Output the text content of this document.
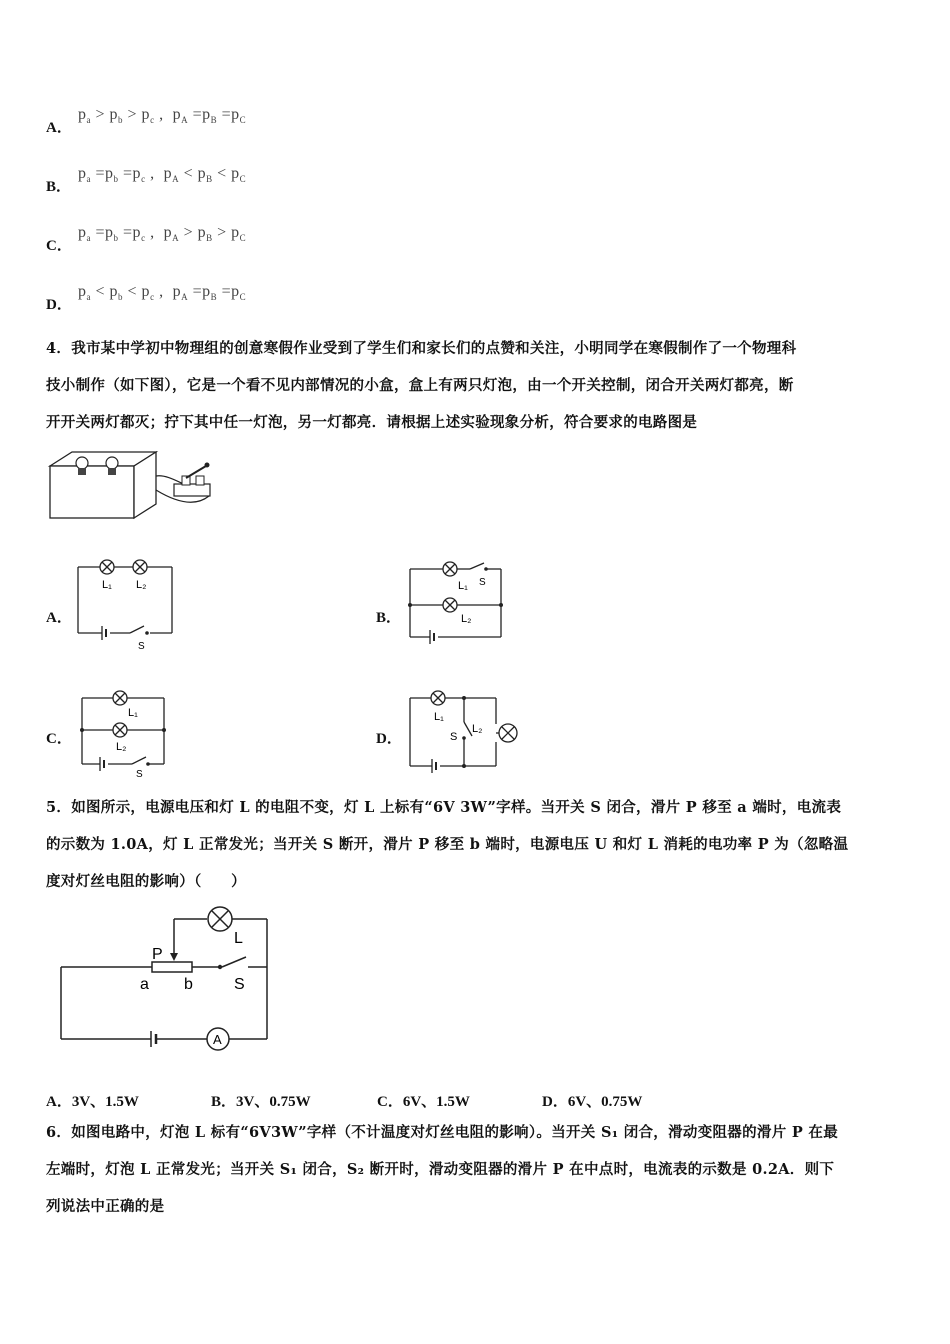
A．
$p_a > p_b > p_c$ ,  $p_A =p_B =p_C$
B．
$p_a =p_b =p_c$ ,  $p_A < p_B < p_C$
C．
$p_a =p_b =p_c$ ,  $p_A > p_B > p_C$
D．
$p_a < p_b < p_c$ ,  $p_A =p_B =p_C$
4．我市某中学初中物理组的创意寒假作业受到了学生们和家长们的点赞和关注，小明同学在寒假制作了一个物理科
技小制作（如下图），它是一个看不见内部情况的小盒，盒上有两只灯泡，由一个开关控制，闭合开关两灯都亮，断
开开关两灯都灭；拧下其中任一灯泡，另一灯都亮．请根据上述实验现象分析，符合要求的电路图是
A．
L₁ L₂
S
B．
L₁ S
L₂
C．
L₁
L₂
S
D．
L₁
S
L₂
5．如图所示，电源电压和灯 L 的电阻不变，灯 L 上标有“6V 3W”字样。当开关 S 闭合，滑片 P 移至 a 端时，电流表
的示数为 1.0A，灯 L 正常发光；当开关 S 断开，滑片 P 移至 b 端时，电源电压 U 和灯 L 消耗的电功率 P 为（忽略温
度对灯丝电阻的影响）（　　）
P
L
a b	S
A
A．3V、1.5W	B．3V、0.75W	C．6V、1.5W	D．6V、0.75W
6．如图电路中，灯泡 L 标有“6V3W”字样（不计温度对灯丝电阻的影响）。当开关 S₁ 闭合，滑动变阻器的滑片 P 在最
左端时，灯泡 L 正常发光；当开关 S₁ 闭合，S₂ 断开时，滑动变阻器的滑片 P 在中点时，电流表的示数是 0.2A．则下
列说法中正确的是
